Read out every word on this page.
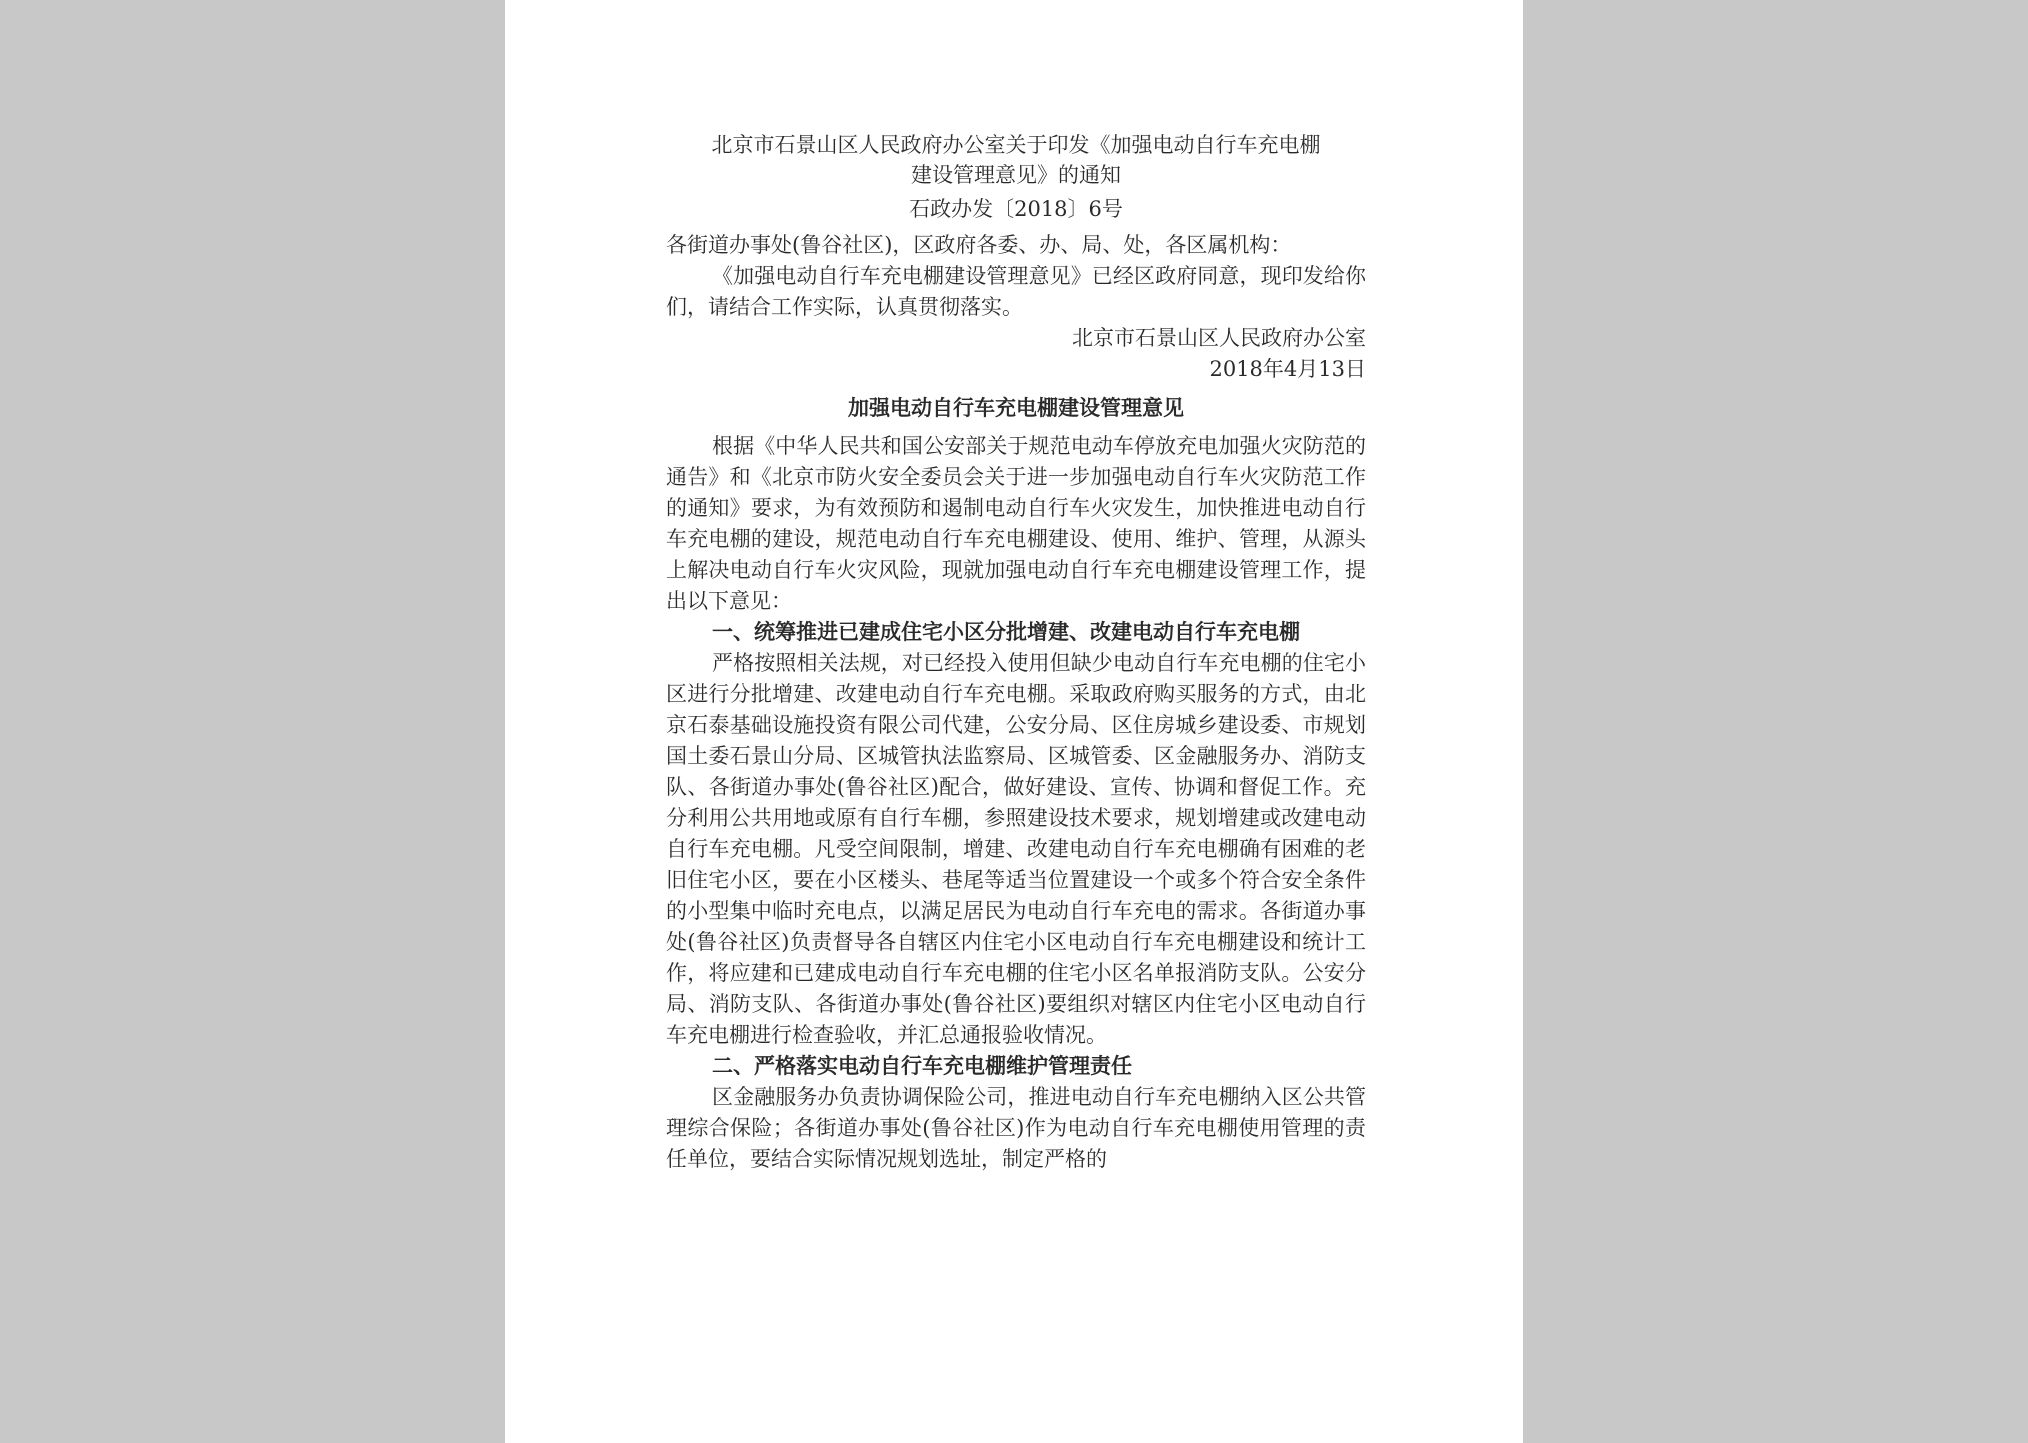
北京市石景山区人民政府办公室关于印发《加强电动自行车充电棚

建设管理意见》的通知

石政办发〔2018〕6号

各街道办事处(鲁谷社区)，区政府各委、办、局、处，各区属机构：

《加强电动自行车充电棚建设管理意见》已经区政府同意，现印发给你们，请结合工作实际，认真贯彻落实。

北京市石景山区人民政府办公室

2018年4月13日

加强电动自行车充电棚建设管理意见

根据《中华人民共和国公安部关于规范电动车停放充电加强火灾防范的通告》和《北京市防火安全委员会关于进一步加强电动自行车火灾防范工作的通知》要求，为有效预防和遏制电动自行车火灾发生，加快推进电动自行车充电棚的建设，规范电动自行车充电棚建设、使用、维护、管理，从源头上解决电动自行车火灾风险，现就加强电动自行车充电棚建设管理工作，提出以下意见：

一、统筹推进已建成住宅小区分批增建、改建电动自行车充电棚

严格按照相关法规，对已经投入使用但缺少电动自行车充电棚的住宅小区进行分批增建、改建电动自行车充电棚。采取政府购买服务的方式，由北京石泰基础设施投资有限公司代建，公安分局、区住房城乡建设委、市规划国土委石景山分局、区城管执法监察局、区城管委、区金融服务办、消防支队、各街道办事处(鲁谷社区)配合，做好建设、宣传、协调和督促工作。充分利用公共用地或原有自行车棚，参照建设技术要求，规划增建或改建电动自行车充电棚。凡受空间限制，增建、改建电动自行车充电棚确有困难的老旧住宅小区，要在小区楼头、巷尾等适当位置建设一个或多个符合安全条件的小型集中临时充电点，以满足居民为电动自行车充电的需求。各街道办事处(鲁谷社区)负责督导各自辖区内住宅小区电动自行车充电棚建设和统计工作，将应建和已建成电动自行车充电棚的住宅小区名单报消防支队。公安分局、消防支队、各街道办事处(鲁谷社区)要组织对辖区内住宅小区电动自行车充电棚进行检查验收，并汇总通报验收情况。

二、严格落实电动自行车充电棚维护管理责任

区金融服务办负责协调保险公司，推进电动自行车充电棚纳入区公共管理综合保险；各街道办事处(鲁谷社区)作为电动自行车充电棚使用管理的责任单位，要结合实际情况规划选址，制定严格的
